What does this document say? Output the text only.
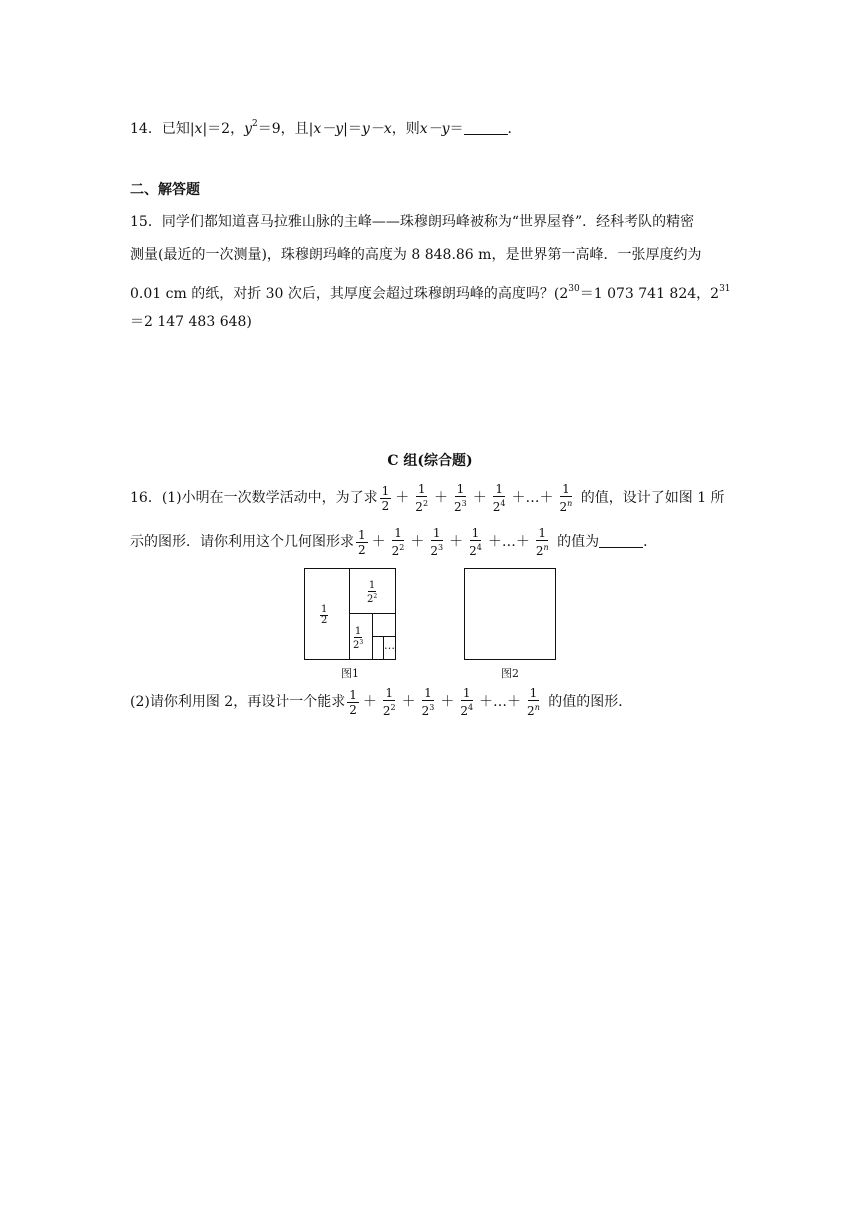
14．已知|x|＝2，$y^2=9$，且|x－y|＝y－x，则x－y＝	．
二、解答题
15．同学们都知道喜马拉雅山脉的主峰——珠穆朗玛峰被称为“世界屋脊”．经科考队的精密
测量(最近的一次测量)，珠穆朗玛峰的高度为 8 848.86 m，是世界第一高峰．一张厚度约为
0.01 cm 的纸，对折 30 次后，其厚度会超过珠穆朗玛峰的高度吗？($2^{30}=1$ 073 741 824，$2^{31}$
＝2 147 483 648)
C 组(综合题)
16．(1)小明在一次数学活动中，为了求 $\frac{1}{2} + \frac{1}{2^2} + \frac{1}{2^3} + \frac{1}{2^4}$ ＋…＋ $\frac{1}{2^n}$ 的值，设计了如图 1 所
示的图形．请你利用这个几何图形求 $\frac{1}{2} + \frac{1}{2^2} + \frac{1}{2^3} + \frac{1}{2^4}$ ＋…＋ $\frac{1}{2^n}$ 的值为	．
$\frac{1}{2}$
$\frac{1}{2^2}$
$\frac{1}{2^3}$ …
图1	图2
(2)请你利用图 2，再设计一个能求 $\frac{1}{2} + \frac{1}{2^2} + \frac{1}{2^3} + \frac{1}{2^4}$ ＋…＋ $\frac{1}{2^n}$ 的值的图形．
